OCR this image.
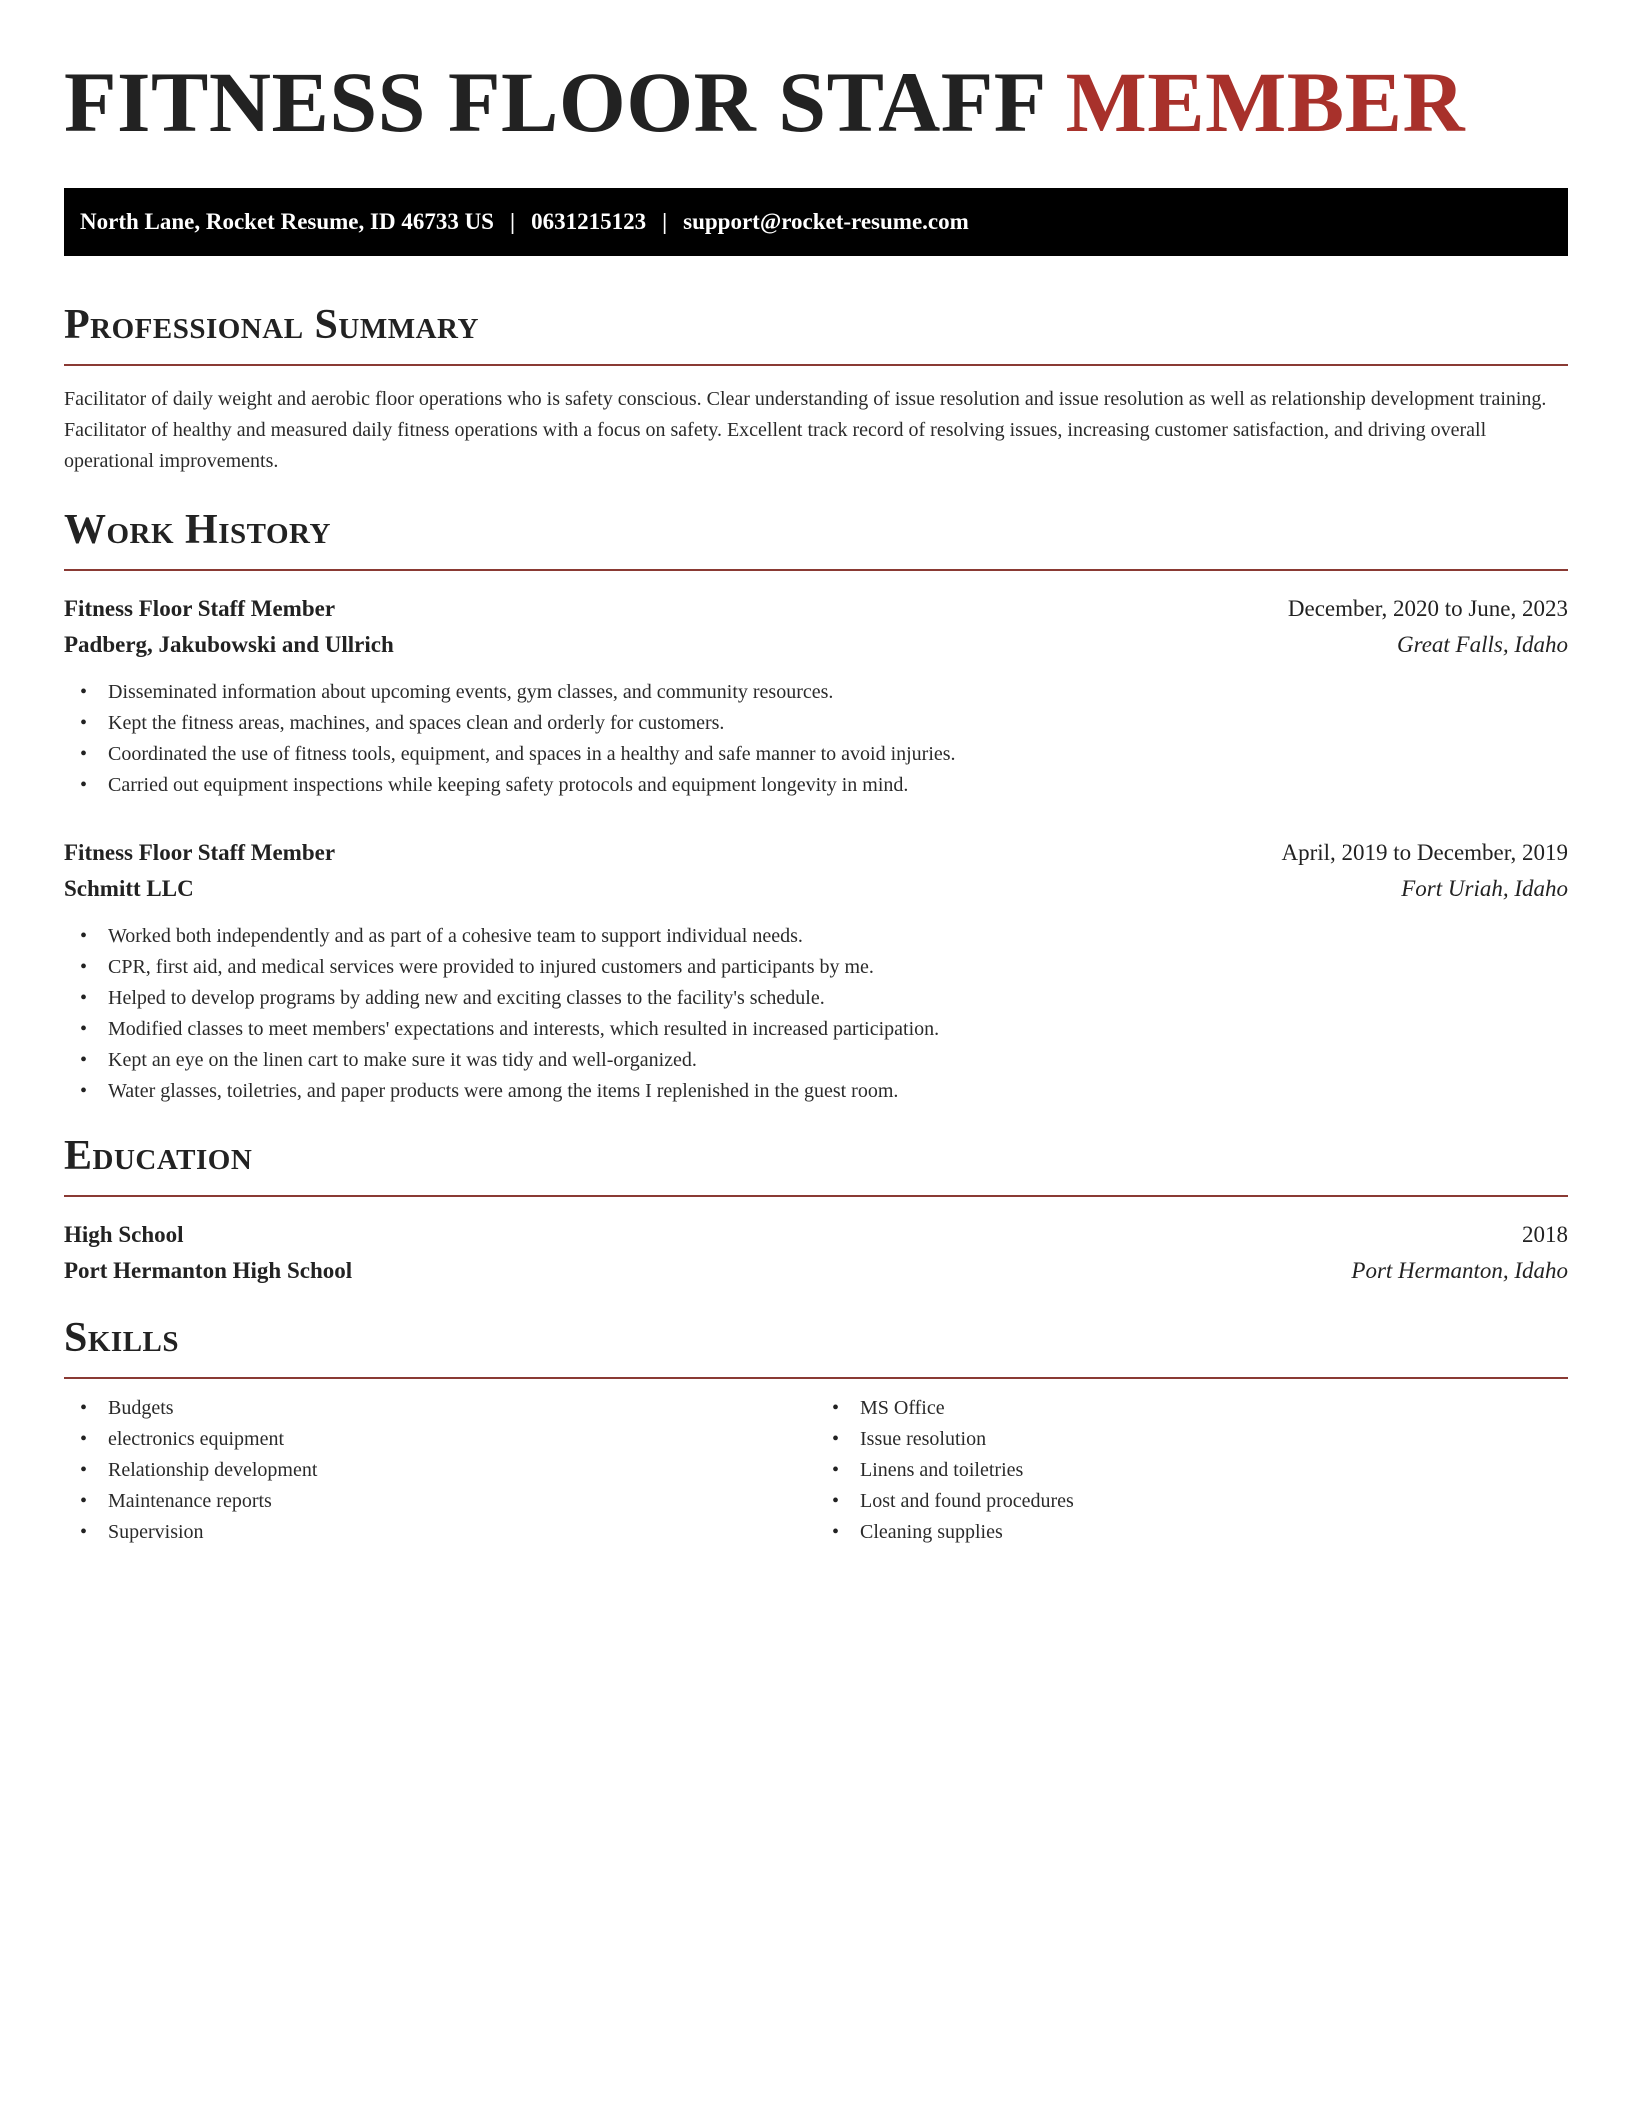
FITNESS FLOOR STAFF MEMBER
North Lane, Rocket Resume, ID 46733 US | 0631215123 | support@rocket-resume.com
Professional Summary

Facilitator of daily weight and aerobic floor operations who is safety conscious. Clear understanding of issue resolution and issue resolution as well as relationship development training. Facilitator of healthy and measured daily fitness operations with a focus on safety. Excellent track record of resolving issues, increasing customer satisfaction, and driving overall operational improvements.

Work History
Fitness Floor Staff Member	December, 2020 to June, 2023
Padberg, Jakubowski and Ullrich	Great Falls, Idaho
• Disseminated information about upcoming events, gym classes, and community resources.
• Kept the fitness areas, machines, and spaces clean and orderly for customers.
• Coordinated the use of fitness tools, equipment, and spaces in a healthy and safe manner to avoid injuries.
• Carried out equipment inspections while keeping safety protocols and equipment longevity in mind.
Fitness Floor Staff Member	April, 2019 to December, 2019
Schmitt LLC	Fort Uriah, Idaho
• Worked both independently and as part of a cohesive team to support individual needs.
• CPR, first aid, and medical services were provided to injured customers and participants by me.
• Helped to develop programs by adding new and exciting classes to the facility's schedule.
• Modified classes to meet members' expectations and interests, which resulted in increased participation.
• Kept an eye on the linen cart to make sure it was tidy and well-organized.
• Water glasses, toiletries, and paper products were among the items I replenished in the guest room.
Education
High School	2018
Port Hermanton High School	Port Hermanton, Idaho
Skills
• Budgets
• electronics equipment
• Relationship development
• Maintenance reports
• Supervision
• MS Office
• Issue resolution
• Linens and toiletries
• Lost and found procedures
• Cleaning supplies
